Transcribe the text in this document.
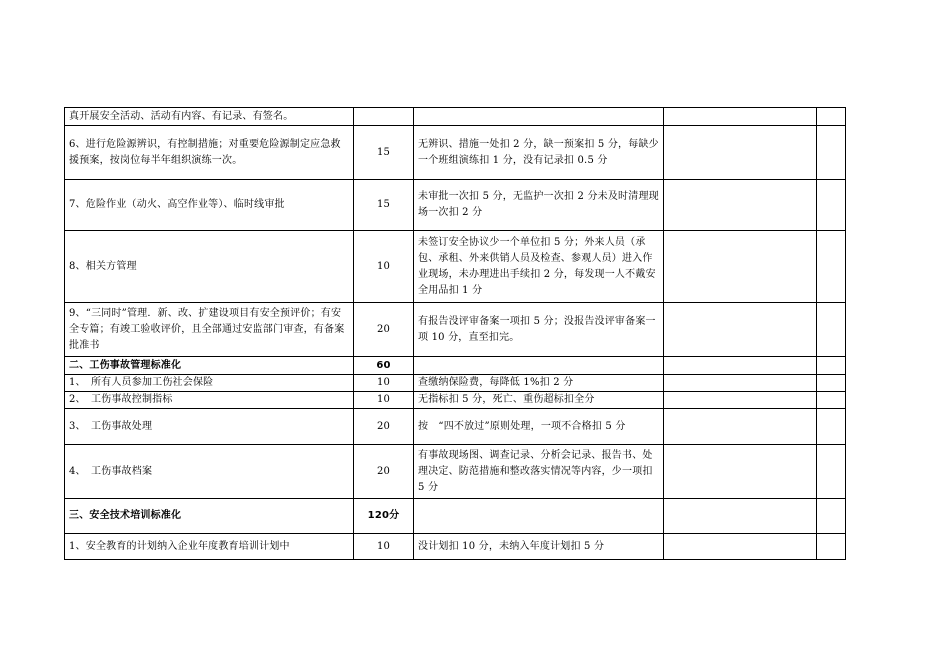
真开展安全活动、活动有内容、有记录、有签名。				
6、进行危险源辨识，有控制措施；对重要危险源制定应急救援预案，按岗位每半年组织演练一次。	15	无辨识、措施一处扣 2 分，缺一预案扣 5 分，每缺少一个班组演练扣 1 分，没有记录扣 0.5 分		
7、危险作业（动火、高空作业等）、临时线审批	15	未审批一次扣 5 分，无监护一次扣 2 分未及时清理现场一次扣 2 分		
8、相关方管理	10	未签订安全协议少一个单位扣 5 分；外来人员（承包、承租、外来供销人员及检查、参观人员）进入作业现场，未办理进出手续扣 2 分，每发现一人不戴安全用品扣 1 分		
9、“三同时”管理．新、改、扩建设项目有安全预评价；有安全专篇；有竣工验收评价，且全部通过安监部门审查，有备案批准书	20	有报告没评审备案一项扣 5 分；没报告没评审备案一项 10 分，直至扣完。		
二、工伤事故管理标准化	60			
1、　所有人员参加工伤社会保险	10	查缴纳保险费，每降低 1%扣 2 分		
2、　工伤事故控制指标	10	无指标扣 5 分，死亡、重伤超标扣全分		
3、　工伤事故处理	20	按　“四不放过”原则处理，一项不合格扣 5 分		
4、　工伤事故档案	20	有事故现场图、调查记录、分析会记录、报告书、处理决定、防范措施和整改落实情况等内容，少一项扣 5 分		
三、安全技术培训标准化	120分			
1、安全教育的计划纳入企业年度教育培训计划中	10	没计划扣 10 分，未纳入年度计划扣 5 分		
